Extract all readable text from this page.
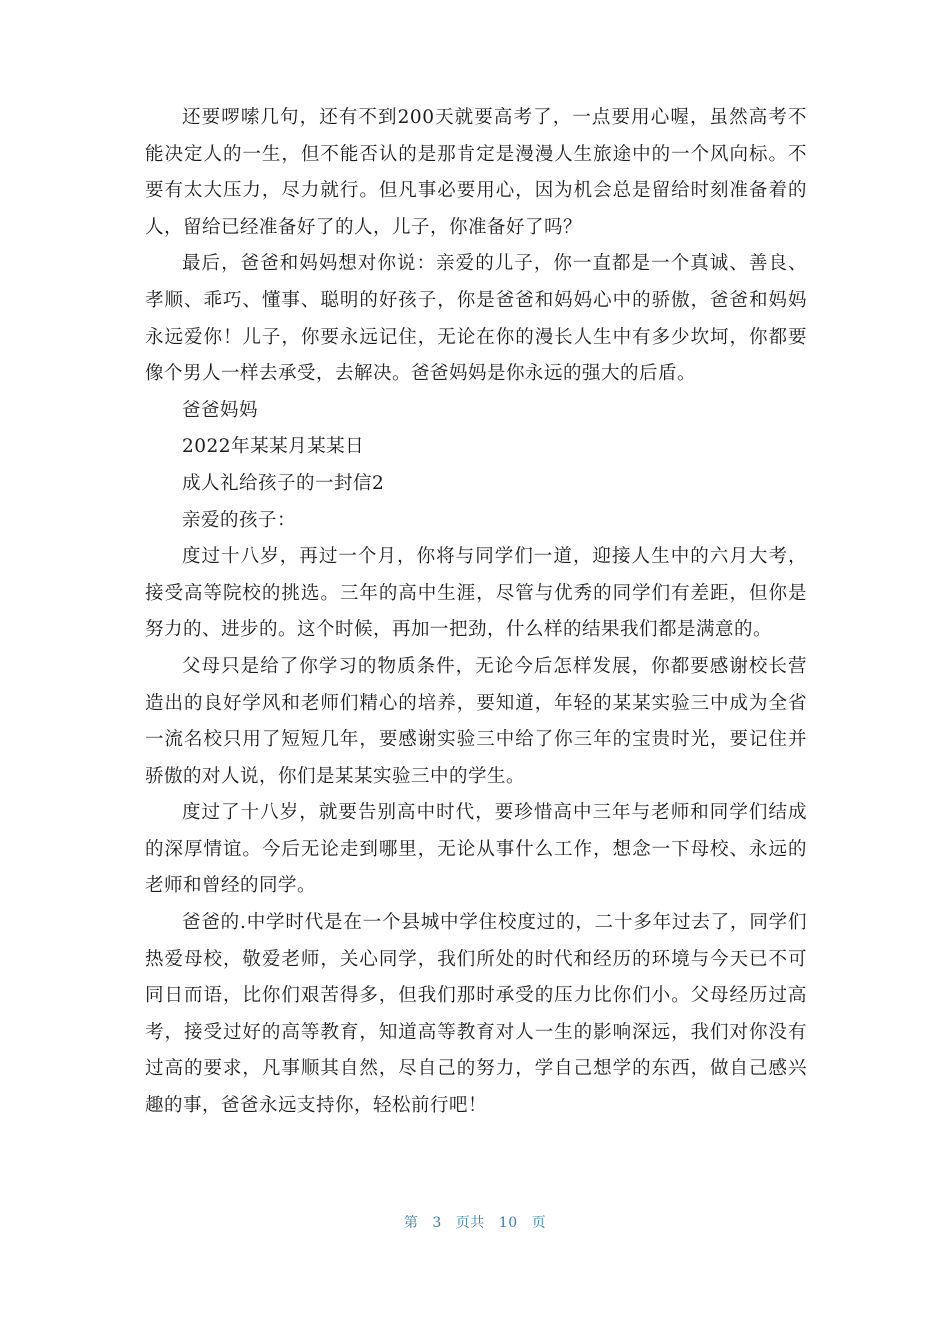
还要啰嗦几句，还有不到200天就要高考了，一点要用心喔，虽然高考不能决定人的一生，但不能否认的是那肯定是漫漫人生旅途中的一个风向标。不要有太大压力，尽力就行。但凡事必要用心，因为机会总是留给时刻准备着的人，留给已经准备好了的人，儿子，你准备好了吗？

最后，爸爸和妈妈想对你说：亲爱的儿子，你一直都是一个真诚、善良、孝顺、乖巧、懂事、聪明的好孩子，你是爸爸和妈妈心中的骄傲，爸爸和妈妈永远爱你！儿子，你要永远记住，无论在你的漫长人生中有多少坎坷，你都要像个男人一样去承受，去解决。爸爸妈妈是你永远的强大的后盾。

爸爸妈妈

2022年某某月某某日

成人礼给孩子的一封信2

亲爱的孩子：

度过十八岁，再过一个月，你将与同学们一道，迎接人生中的六月大考，接受高等院校的挑选。三年的高中生涯，尽管与优秀的同学们有差距，但你是努力的、进步的。这个时候，再加一把劲，什么样的结果我们都是满意的。

父母只是给了你学习的物质条件，无论今后怎样发展，你都要感谢校长营造出的良好学风和老师们精心的培养，要知道，年轻的某某实验三中成为全省一流名校只用了短短几年，要感谢实验三中给了你三年的宝贵时光，要记住并骄傲的对人说，你们是某某实验三中的学生。

度过了十八岁，就要告别高中时代，要珍惜高中三年与老师和同学们结成的深厚情谊。今后无论走到哪里，无论从事什么工作，想念一下母校、永远的老师和曾经的同学。

爸爸的.中学时代是在一个县城中学住校度过的，二十多年过去了，同学们热爱母校，敬爱老师，关心同学，我们所处的时代和经历的环境与今天已不可同日而语，比你们艰苦得多，但我们那时承受的压力比你们小。父母经历过高考，接受过好的高等教育，知道高等教育对人一生的影响深远，我们对你没有过高的要求，凡事顺其自然，尽自己的努力，学自己想学的东西，做自己感兴趣的事，爸爸永远支持你，轻松前行吧！

第 3 页共 10 页
